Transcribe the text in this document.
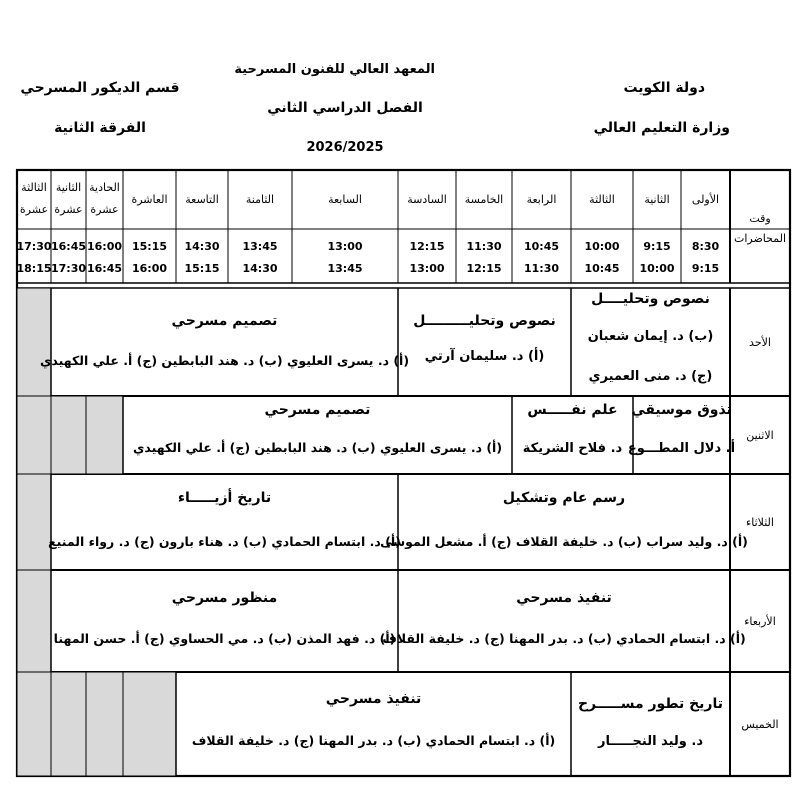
دولة الكويت
وزارة التعليم العالي
المعهد العالي للفنون المسرحية
الفصل الدراسي الثاني
2026/2025
قسم الديكور المسرحي
الفرقة الثانية
وقت
المحاضرات
الأولى
8:30
9:15
الثانية
9:15
10:00
الثالثة
10:00
10:45
الرابعة
10:45
11:30
الخامسة
11:30
12:15
السادسة
12:15
13:00
السابعة
13:00
13:45
الثامنة
13:45
14:30
التاسعة
14:30
15:15
العاشرة
15:15
16:00
الحادية
عشرة
16:00
16:45
الثانية
عشرة
16:45
17:30
الثالثة
عشرة
17:30
18:15
الأحد
نصوص وتحليــــل
(ب) د. إيمان شعبان
(ج) د. منى العميري
نصوص وتحليـــــــــل
(أ) د. سليمان آرتي
تصميم مسرحي
(أ) د. يسرى العليوي (ب) د. هند البابطين (ج) أ. علي الكهيدي
الاثنين
تذوق موسيقي
أ. دلال المطـــوع
علم نفـــــس
د. فلاح الشريكة
تصميم مسرحي
(أ) د. يسرى العليوي (ب) د. هند البابطين (ج) أ. علي الكهيدي
الثلاثاء
رسم عام وتشكيل
(أ) د. وليد سراب (ب) د. خليفة القلاف (ج) أ. مشعل الموسى
تاريخ أزيـــــاء
(أ) د. ابتسام الحمادي (ب) د. هناء بارون (ج) د. رواء المنيع
الأربعاء
تنفيذ مسرحي
(أ) د. ابتسام الحمادي (ب) د. بدر المهنا (ج) د. خليفة القلاف
منظور مسرحي
(أ) د. فهد المذن (ب) د. مي الحساوي (ج) أ. حسن المهنا
الخميس
تاريخ تطور مســـــرح
د. وليد النجـــــار
تنفيذ مسرحي
(أ) د. ابتسام الحمادي (ب) د. بدر المهنا (ج) د. خليفة القلاف
